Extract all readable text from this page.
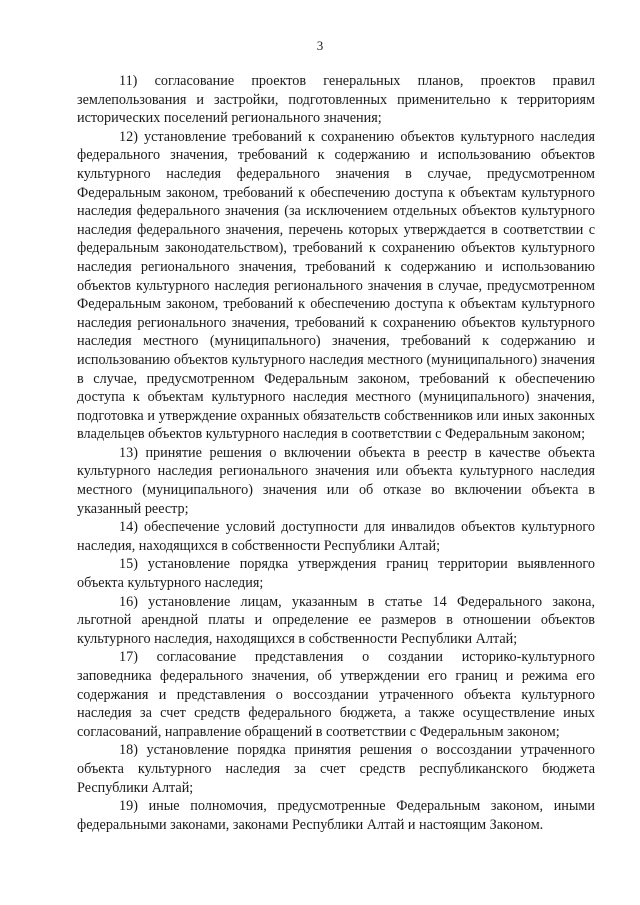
3

11) согласование проектов генеральных планов, проектов правил землепользования и застройки, подготовленных применительно к территориям исторических поселений регионального значения;

12) установление требований к сохранению объектов культурного наследия федерального значения, требований к содержанию и использованию объектов культурного наследия федерального значения в случае, предусмотренном Федеральным законом, требований к обеспечению доступа к объектам культурного наследия федерального значения (за исключением отдельных объектов культурного наследия федерального значения, перечень которых утверждается в соответствии с федеральным законодательством), требований к сохранению объектов культурного наследия регионального значения, требований к содержанию и использованию объектов культурного наследия регионального значения в случае, предусмотренном Федеральным законом, требований к обеспечению доступа к объектам культурного наследия регионального значения, требований к сохранению объектов культурного наследия местного (муниципального) значения, требований к содержанию и использованию объектов культурного наследия местного (муниципального) значения в случае, предусмотренном Федеральным законом, требований к обеспечению доступа к объектам культурного наследия местного (муниципального) значения, подготовка и утверждение охранных обязательств собственников или иных законных владельцев объектов культурного наследия в соответствии с Федеральным законом;

13) принятие решения о включении объекта в реестр в качестве объекта культурного наследия регионального значения или объекта культурного наследия местного (муниципального) значения или об отказе во включении объекта в указанный реестр;

14) обеспечение условий доступности для инвалидов объектов культурного наследия, находящихся в собственности Республики Алтай;

15) установление порядка утверждения границ территории выявленного объекта культурного наследия;

16) установление лицам, указанным в статье 14 Федерального закона, льготной арендной платы и определение ее размеров в отношении объектов культурного наследия, находящихся в собственности Республики Алтай;

17) согласование представления о создании историко-культурного заповедника федерального значения, об утверждении его границ и режима его содержания и представления о воссоздании утраченного объекта культурного наследия за счет средств федерального бюджета, а также осуществление иных согласований, направление обращений в соответствии с Федеральным законом;

18) установление порядка принятия решения о воссоздании утраченного объекта культурного наследия за счет средств республиканского бюджета Республики Алтай;

19) иные полномочия, предусмотренные Федеральным законом, иными федеральными законами, законами Республики Алтай и настоящим Законом.
